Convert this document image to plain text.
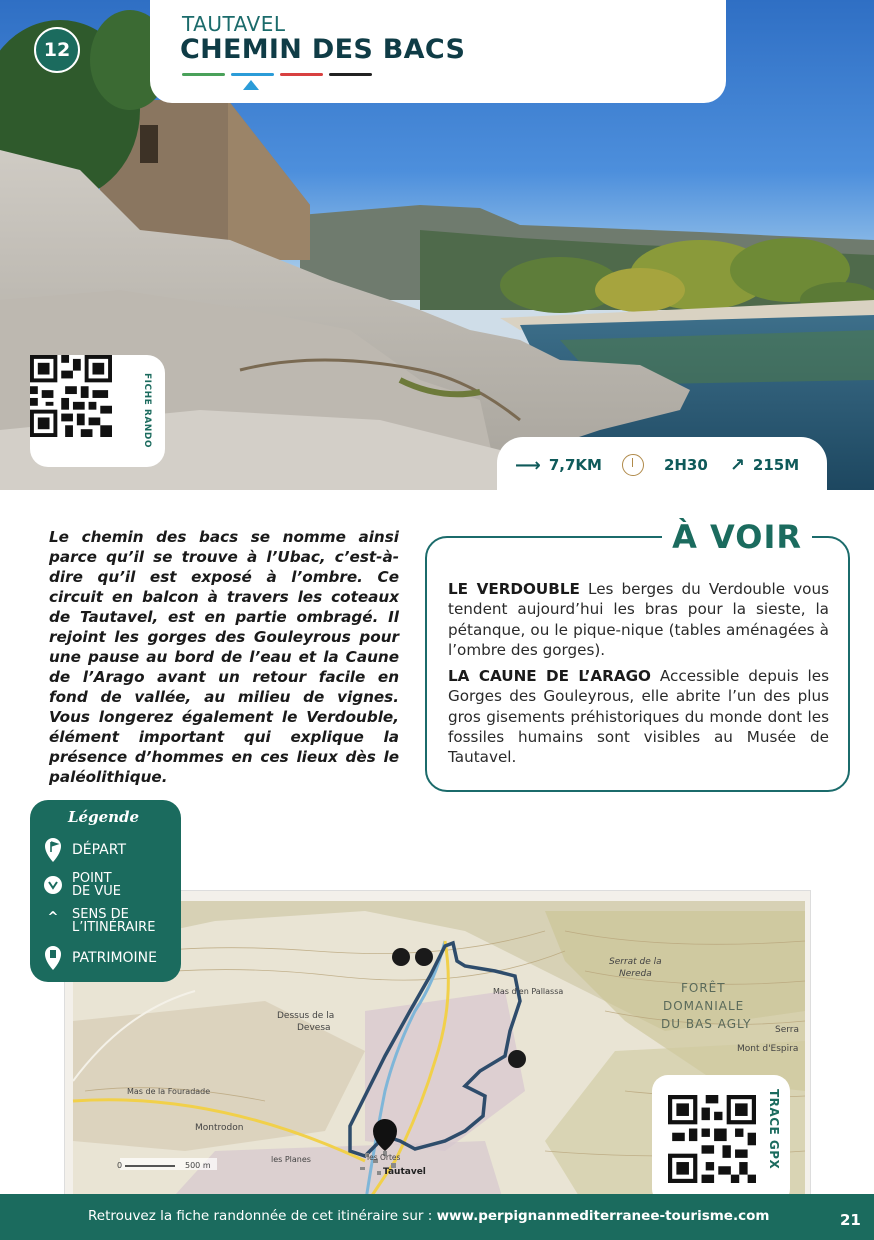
TAUTAVEL
CHEMIN DES BACS
12
FICHE RANDO
⟶ 7,7KM	2H30 ↗ 215M
Le chemin des bacs se nomme ainsi parce qu’il se trouve à l’Ubac, c’est-à-dire qu’il est exposé à l’ombre. Ce circuit en balcon à travers les coteaux de Tautavel, est en partie ombragé. Il rejoint les gorges des Gouleyrous pour une pause au bord de l’eau et la Caune de l’Arago avant un retour facile en fond de vallée, au milieu de vignes. Vous longerez également le Verdouble, élément important qui explique la présence d’hommes en ces lieux dès le paléolithique.
À VOIR

LE VERDOUBLE Les berges du Verdouble vous tendent aujourd’hui les bras pour la sieste, la pétanque, ou le pique-nique (tables aménagées à l’ombre des gorges).

LA CAUNE DE L’ARAGO Accessible depuis les Gorges des Gouleyrous, elle abrite l’un des plus gros gisements préhistoriques du monde dont les fossiles humains sont visibles au Musée de Tautavel.

Serrat de la
Nereda
FORÊT
DOMANIALE
DU BAS AGLY
Mas d'en Pallassa
Dessus de la
Devesa
Mas de la Fouradade
Montrodon
Serra
Mont d'Espira
les Ortes
Tautavel
les Planes
0	500 m
Légende
DÉPART
POINT
DE VUE
^	SENS DE
L’ITINÉRAIRE
PATRIMOINE
TRACE GPX
Retrouvez la fiche randonnée de cet itinéraire sur : www.perpignanmediterranee-tourisme.com	21
